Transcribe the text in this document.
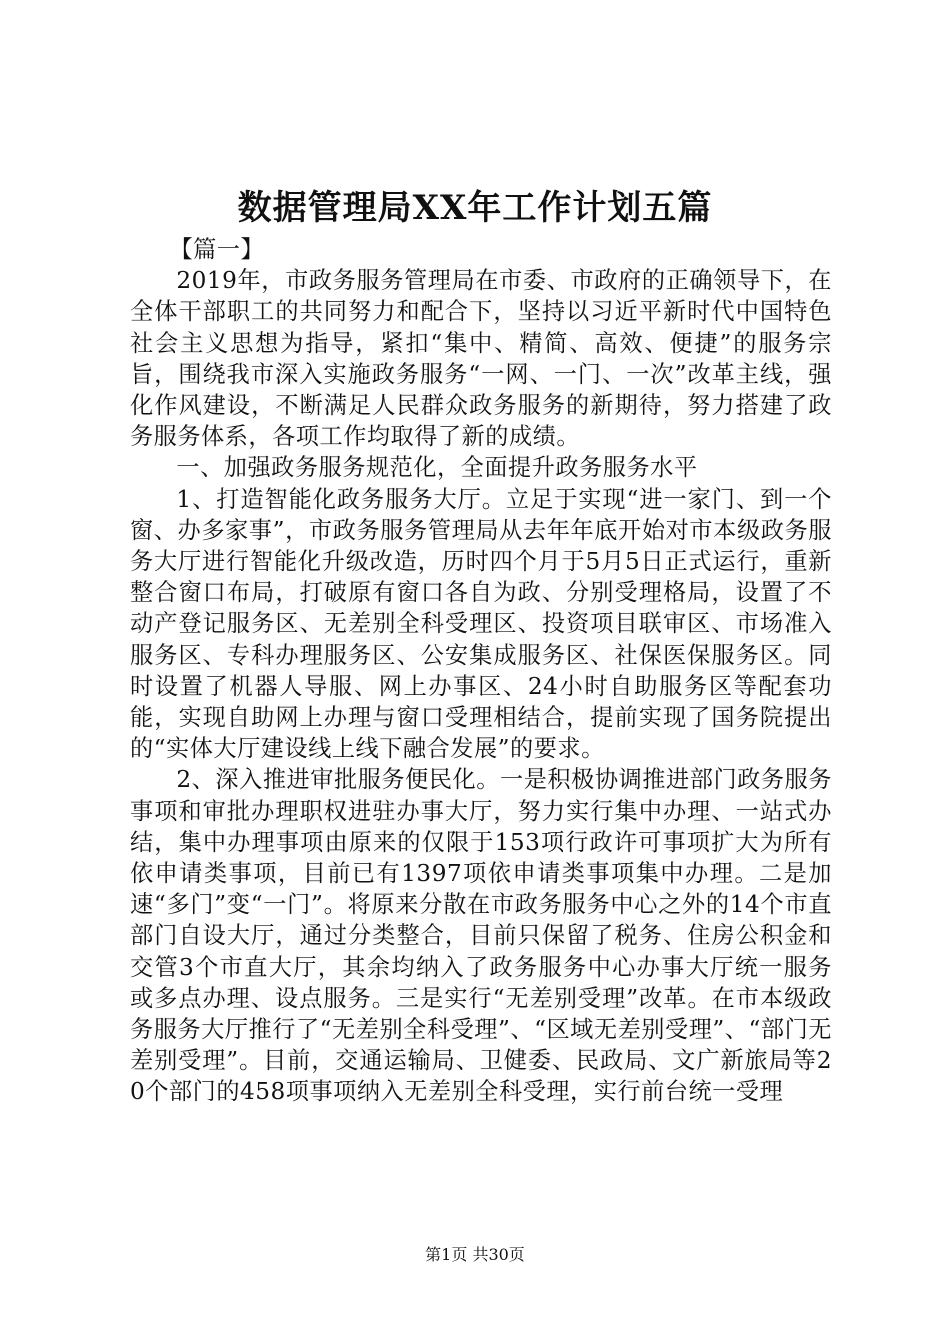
数据管理局XX年工作计划五篇

【篇一】

2019年，市政务服务管理局在市委、市政府的正确领导下，在全体干部职工的共同努力和配合下，坚持以习近平新时代中国特色社会主义思想为指导，紧扣“集中、精简、高效、便捷”的服务宗旨，围绕我市深入实施政务服务“一网、一门、一次”改革主线，强化作风建设，不断满足人民群众政务服务的新期待，努力搭建了政务服务体系，各项工作均取得了新的成绩。

一、加强政务服务规范化，全面提升政务服务水平

1、打造智能化政务服务大厅。立足于实现“进一家门、到一个窗、办多家事”，市政务服务管理局从去年年底开始对市本级政务服务大厅进行智能化升级改造，历时四个月于5月5日正式运行，重新整合窗口布局，打破原有窗口各自为政、分别受理格局，设置了不动产登记服务区、无差别全科受理区、投资项目联审区、市场准入服务区、专科办理服务区、公安集成服务区、社保医保服务区。同时设置了机器人导服、网上办事区、24小时自助服务区等配套功能，实现自助网上办理与窗口受理相结合，提前实现了国务院提出的“实体大厅建设线上线下融合发展”的要求。

2、深入推进审批服务便民化。一是积极协调推进部门政务服务事项和审批办理职权进驻办事大厅，努力实行集中办理、一站式办结，集中办理事项由原来的仅限于153项行政许可事项扩大为所有依申请类事项，目前已有1397项依申请类事项集中办理。二是加速“多门”变“一门”。将原来分散在市政务服务中心之外的14个市直部门自设大厅，通过分类整合，目前只保留了税务、住房公积金和交管3个市直大厅，其余均纳入了政务服务中心办事大厅统一服务或多点办理、设点服务。三是实行“无差别受理”改革。在市本级政务服务大厅推行了“无差别全科受理”、“区域无差别受理”、“部门无差别受理”。目前，交通运输局、卫健委、民政局、文广新旅局等20个部门的458项事项纳入无差别全科受理，实行前台统一受理

第1页 共30页
